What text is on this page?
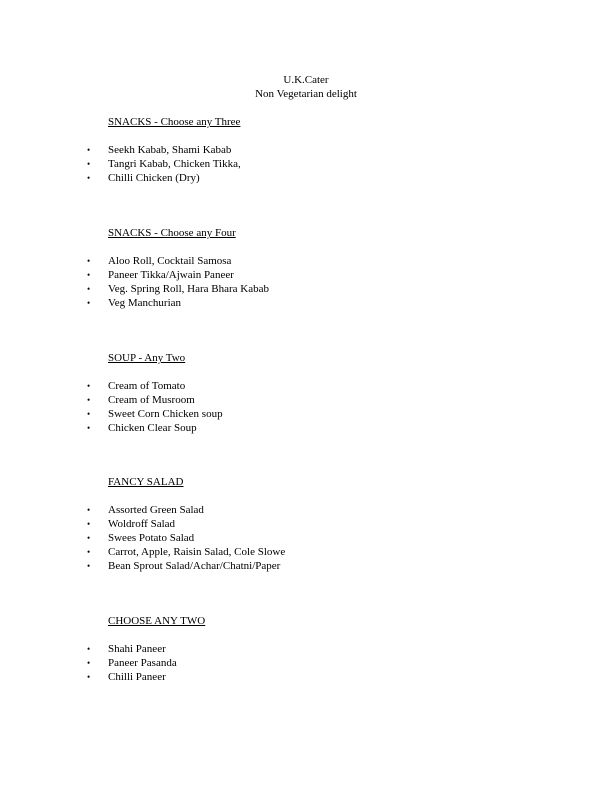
U.K.Cater
Non Vegetarian delight
SNACKS - Choose any Three
• Seekh Kabab, Shami Kabab
• Tangri Kabab, Chicken Tikka,
• Chilli Chicken (Dry)
SNACKS - Choose any Four
• Aloo Roll, Cocktail Samosa
• Paneer Tikka/Ajwain Paneer
• Veg. Spring Roll, Hara Bhara Kabab
• Veg Manchurian
SOUP - Any Two
• Cream of Tomato
• Cream of Musroom
• Sweet Corn Chicken soup
• Chicken Clear Soup
FANCY SALAD
• Assorted Green Salad
• Woldroff Salad
• Swees Potato Salad
• Carrot, Apple, Raisin Salad, Cole Slowe
• Bean Sprout Salad/Achar/Chatni/Paper
CHOOSE ANY TWO
• Shahi Paneer
• Paneer Pasanda
• Chilli Paneer
